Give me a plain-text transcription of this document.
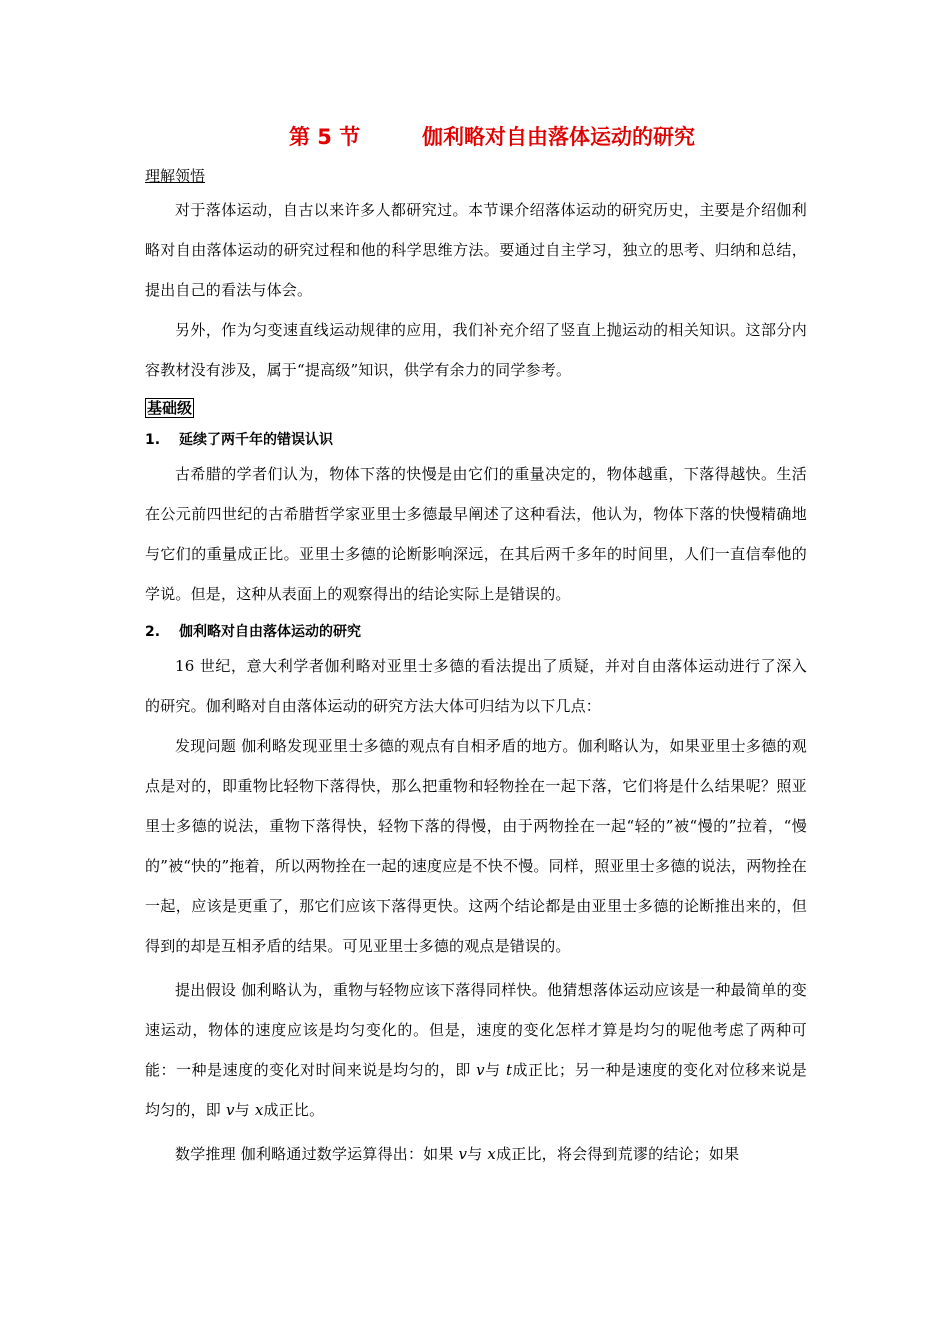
第 5 节	伽利略对自由落体运动的研究
理解领悟

对于落体运动，自古以来许多人都研究过。本节课介绍落体运动的研究历史，主要是介绍伽利略对自由落体运动的研究过程和他的科学思维方法。要通过自主学习，独立的思考、归纳和总结，提出自己的看法与体会。

另外，作为匀变速直线运动规律的应用，我们补充介绍了竖直上抛运动的相关知识。这部分内容教材没有涉及，属于“提高级”知识，供学有余力的同学参考。

基础级
1. 延续了两千年的错误认识

古希腊的学者们认为，物体下落的快慢是由它们的重量决定的，物体越重，下落得越快。生活在公元前四世纪的古希腊哲学家亚里士多德最早阐述了这种看法，他认为，物体下落的快慢精确地与它们的重量成正比。亚里士多德的论断影响深远，在其后两千多年的时间里，人们一直信奉他的学说。但是，这种从表面上的观察得出的结论实际上是错误的。

2. 伽利略对自由落体运动的研究

16 世纪，意大利学者伽利略对亚里士多德的看法提出了质疑，并对自由落体运动进行了深入的研究。伽利略对自由落体运动的研究方法大体可归结为以下几点：

发现问题 伽利略发现亚里士多德的观点有自相矛盾的地方。伽利略认为，如果亚里士多德的观点是对的，即重物比轻物下落得快，那么把重物和轻物拴在一起下落，它们将是什么结果呢？照亚里士多德的说法，重物下落得快，轻物下落的得慢，由于两物拴在一起“轻的”被“慢的”拉着，“慢的”被“快的”拖着，所以两物拴在一起的速度应是不快不慢。同样，照亚里士多德的说法，两物拴在一起，应该是更重了，那它们应该下落得更快。这两个结论都是由亚里士多德的论断推出来的，但得到的却是互相矛盾的结果。可见亚里士多德的观点是错误的。

提出假设 伽利略认为，重物与轻物应该下落得同样快。他猜想落体运动应该是一种最简单的变速运动，物体的速度应该是均匀变化的。但是，速度的变化怎样才算是均匀的呢他考虑了两种可能：一种是速度的变化对时间来说是均匀的，即 v与 t成正比；另一种是速度的变化对位移来说是均匀的，即 v与 x成正比。

数学推理 伽利略通过数学运算得出：如果 v与 x成正比，将会得到荒谬的结论；如果
